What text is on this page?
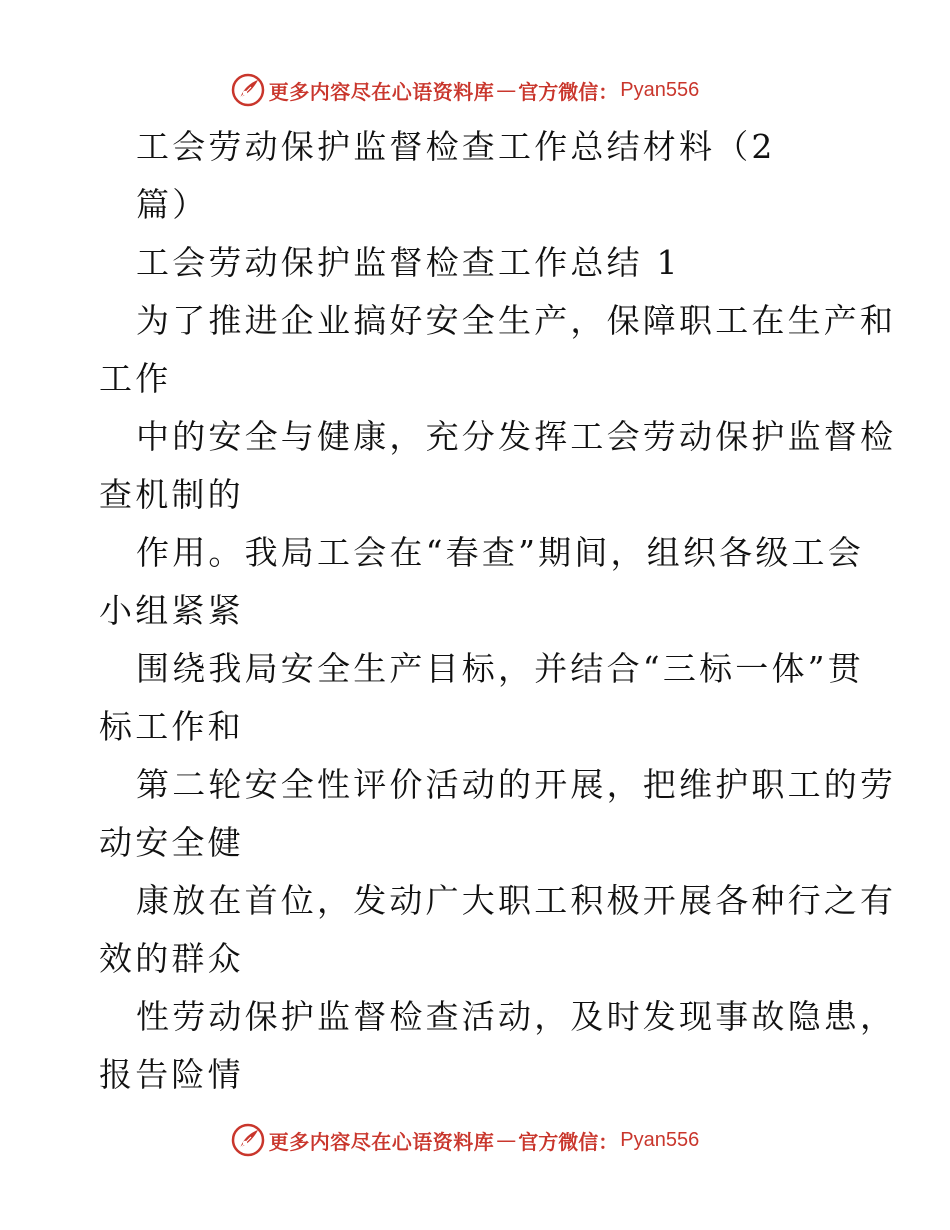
更多内容尽在心语资料库 — 官方微信： Pyan556
工会劳动保护监督检查工作总结材料（2
篇）
工会劳动保护监督检查工作总结 1
为了推进企业搞好安全生产，保障职工在生产和
工作
中的安全与健康，充分发挥工会劳动保护监督检
查机制的
作用。我局工会在“春查”期间，组织各级工会
小组紧紧
围绕我局安全生产目标，并结合“三标一体”贯
标工作和
第二轮安全性评价活动的开展，把维护职工的劳
动安全健
康放在首位，发动广大职工积极开展各种行之有
效的群众
性劳动保护监督检查活动，及时发现事故隐患，
报告险情
更多内容尽在心语资料库 — 官方微信： Pyan556
